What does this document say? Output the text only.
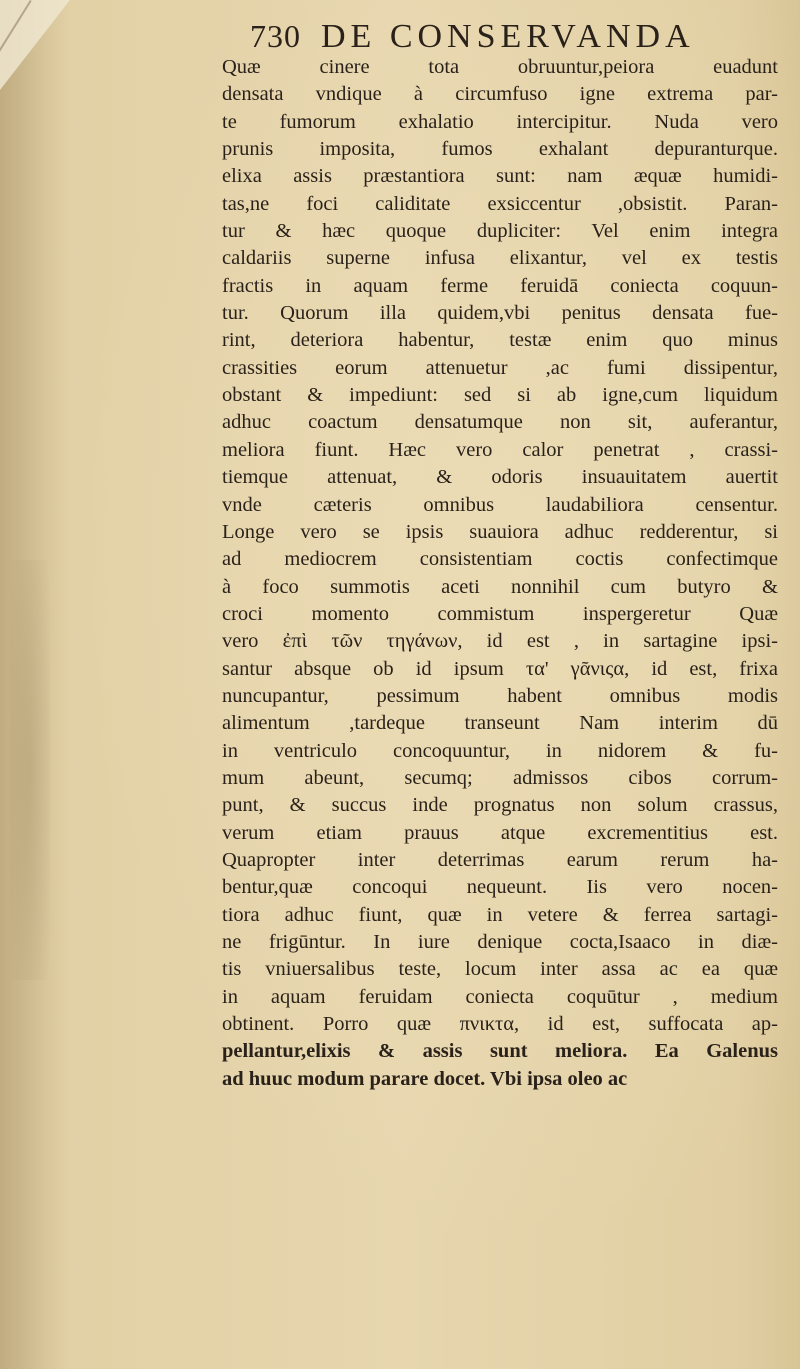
730 DE CONSERVANDA
Quæ cinere tota obruuntur,peiora euadunt
densata vndique à circumfuso igne extrema par-
te fumorum exhalatio intercipitur. Nuda vero
prunis imposita, fumos exhalant depuranturque.
elixa assis præstantiora sunt: nam æquæ humidi-
tas,ne foci caliditate exsiccentur ,obsistit. Paran-
tur & hæc quoque dupliciter: Vel enim integra
caldariis superne infusa elixantur, vel ex testis
fractis in aquam ferme feruidā coniecta coquun-
tur. Quorum illa quidem,vbi penitus densata fue-
rint, deteriora habentur, testæ enim quo minus
crassities eorum attenuetur ,ac fumi dissipentur,
obstant & impediunt: sed si ab igne,cum liquidum
adhuc coactum densatumque non sit, auferantur,
meliora fiunt. Hæc vero calor penetrat , crassi-
tiemque attenuat, & odoris insuauitatem auertit
vnde cæteris omnibus laudabiliora censentur.
Longe vero se ipsis suauiora adhuc redderentur, si
ad mediocrem consistentiam coctis confectimque
à foco summotis aceti nonnihil cum butyro &
croci momento commistum inspergeretur Quæ
vero ἐπὶ τῶν τηγάνων, id est , in sartagine ipsi-
santur absque ob id ipsum τα' γᾶνιςα, id est, frixa
nuncupantur, pessimum habent omnibus modis
alimentum ,tardeque transeunt Nam interim dū
in ventriculo concoquuntur, in nidorem & fu-
mum abeunt, secumq; admissos cibos corrum-
punt, & succus inde prognatus non solum crassus,
verum etiam prauus atque excrementitius est.
Quapropter inter deterrimas earum rerum ha-
bentur,quæ concoqui nequeunt. Iis vero nocen-
tiora adhuc fiunt, quæ in vetere & ferrea sartagi-
ne frigūntur. In iure denique cocta,Isaaco in diæ-
tis vniuersalibus teste, locum inter assa ac ea quæ
in aquam feruidam coniecta coquūtur , medium
obtinent. Porro quæ πνικτα, id est, suffocata ap-
pellantur,elixis & assis sunt meliora. Ea Galenus
ad huuc modum parare docet. Vbi ipsa oleo ac
